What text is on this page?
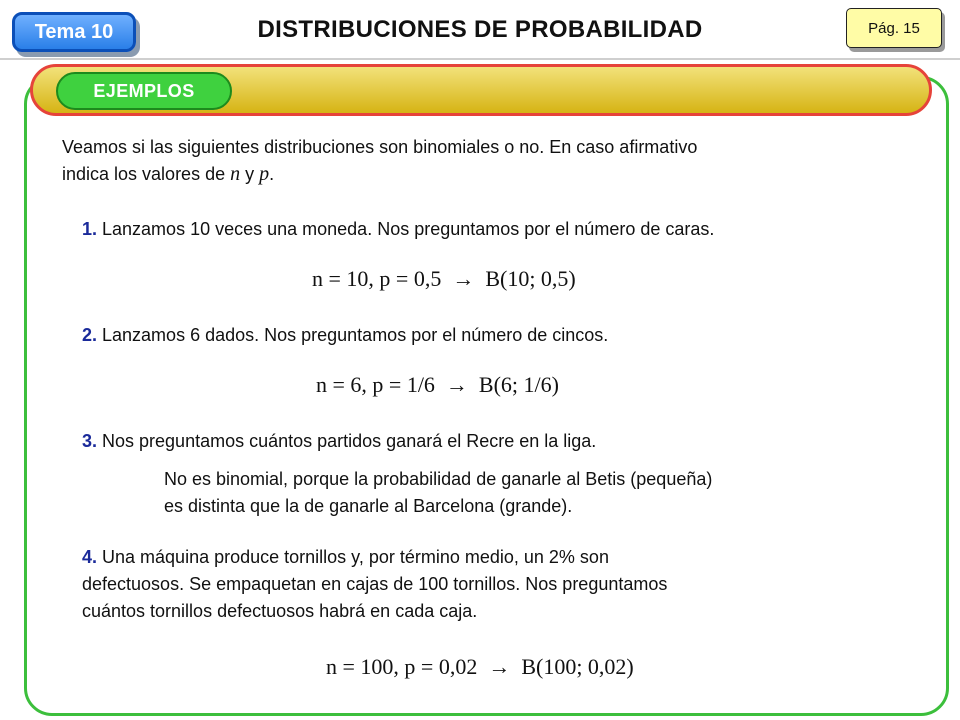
Tema 10	DISTRIBUCIONES DE PROBABILIDAD	Pág. 15
EJEMPLOS
Veamos si las siguientes distribuciones son binomiales o no. En caso afirmativo
indica los valores de n y p.
1. Lanzamos 10 veces una moneda. Nos preguntamos por el número de caras.
n = 10, p = 0,5  →  B(10; 0,5)
2. Lanzamos 6 dados. Nos preguntamos por el número de cincos.
n = 6, p = 1/6  →  B(6; 1/6)
3. Nos preguntamos cuántos partidos ganará el Recre en la liga.
No es binomial, porque la probabilidad de ganarle al Betis (pequeña)
es distinta que la de ganarle al Barcelona (grande).
4. Una máquina produce tornillos y, por término medio, un 2% son
defectuosos. Se empaquetan en cajas de 100 tornillos. Nos preguntamos
cuántos tornillos defectuosos habrá en cada caja.
n = 100, p = 0,02  →  B(100; 0,02)
